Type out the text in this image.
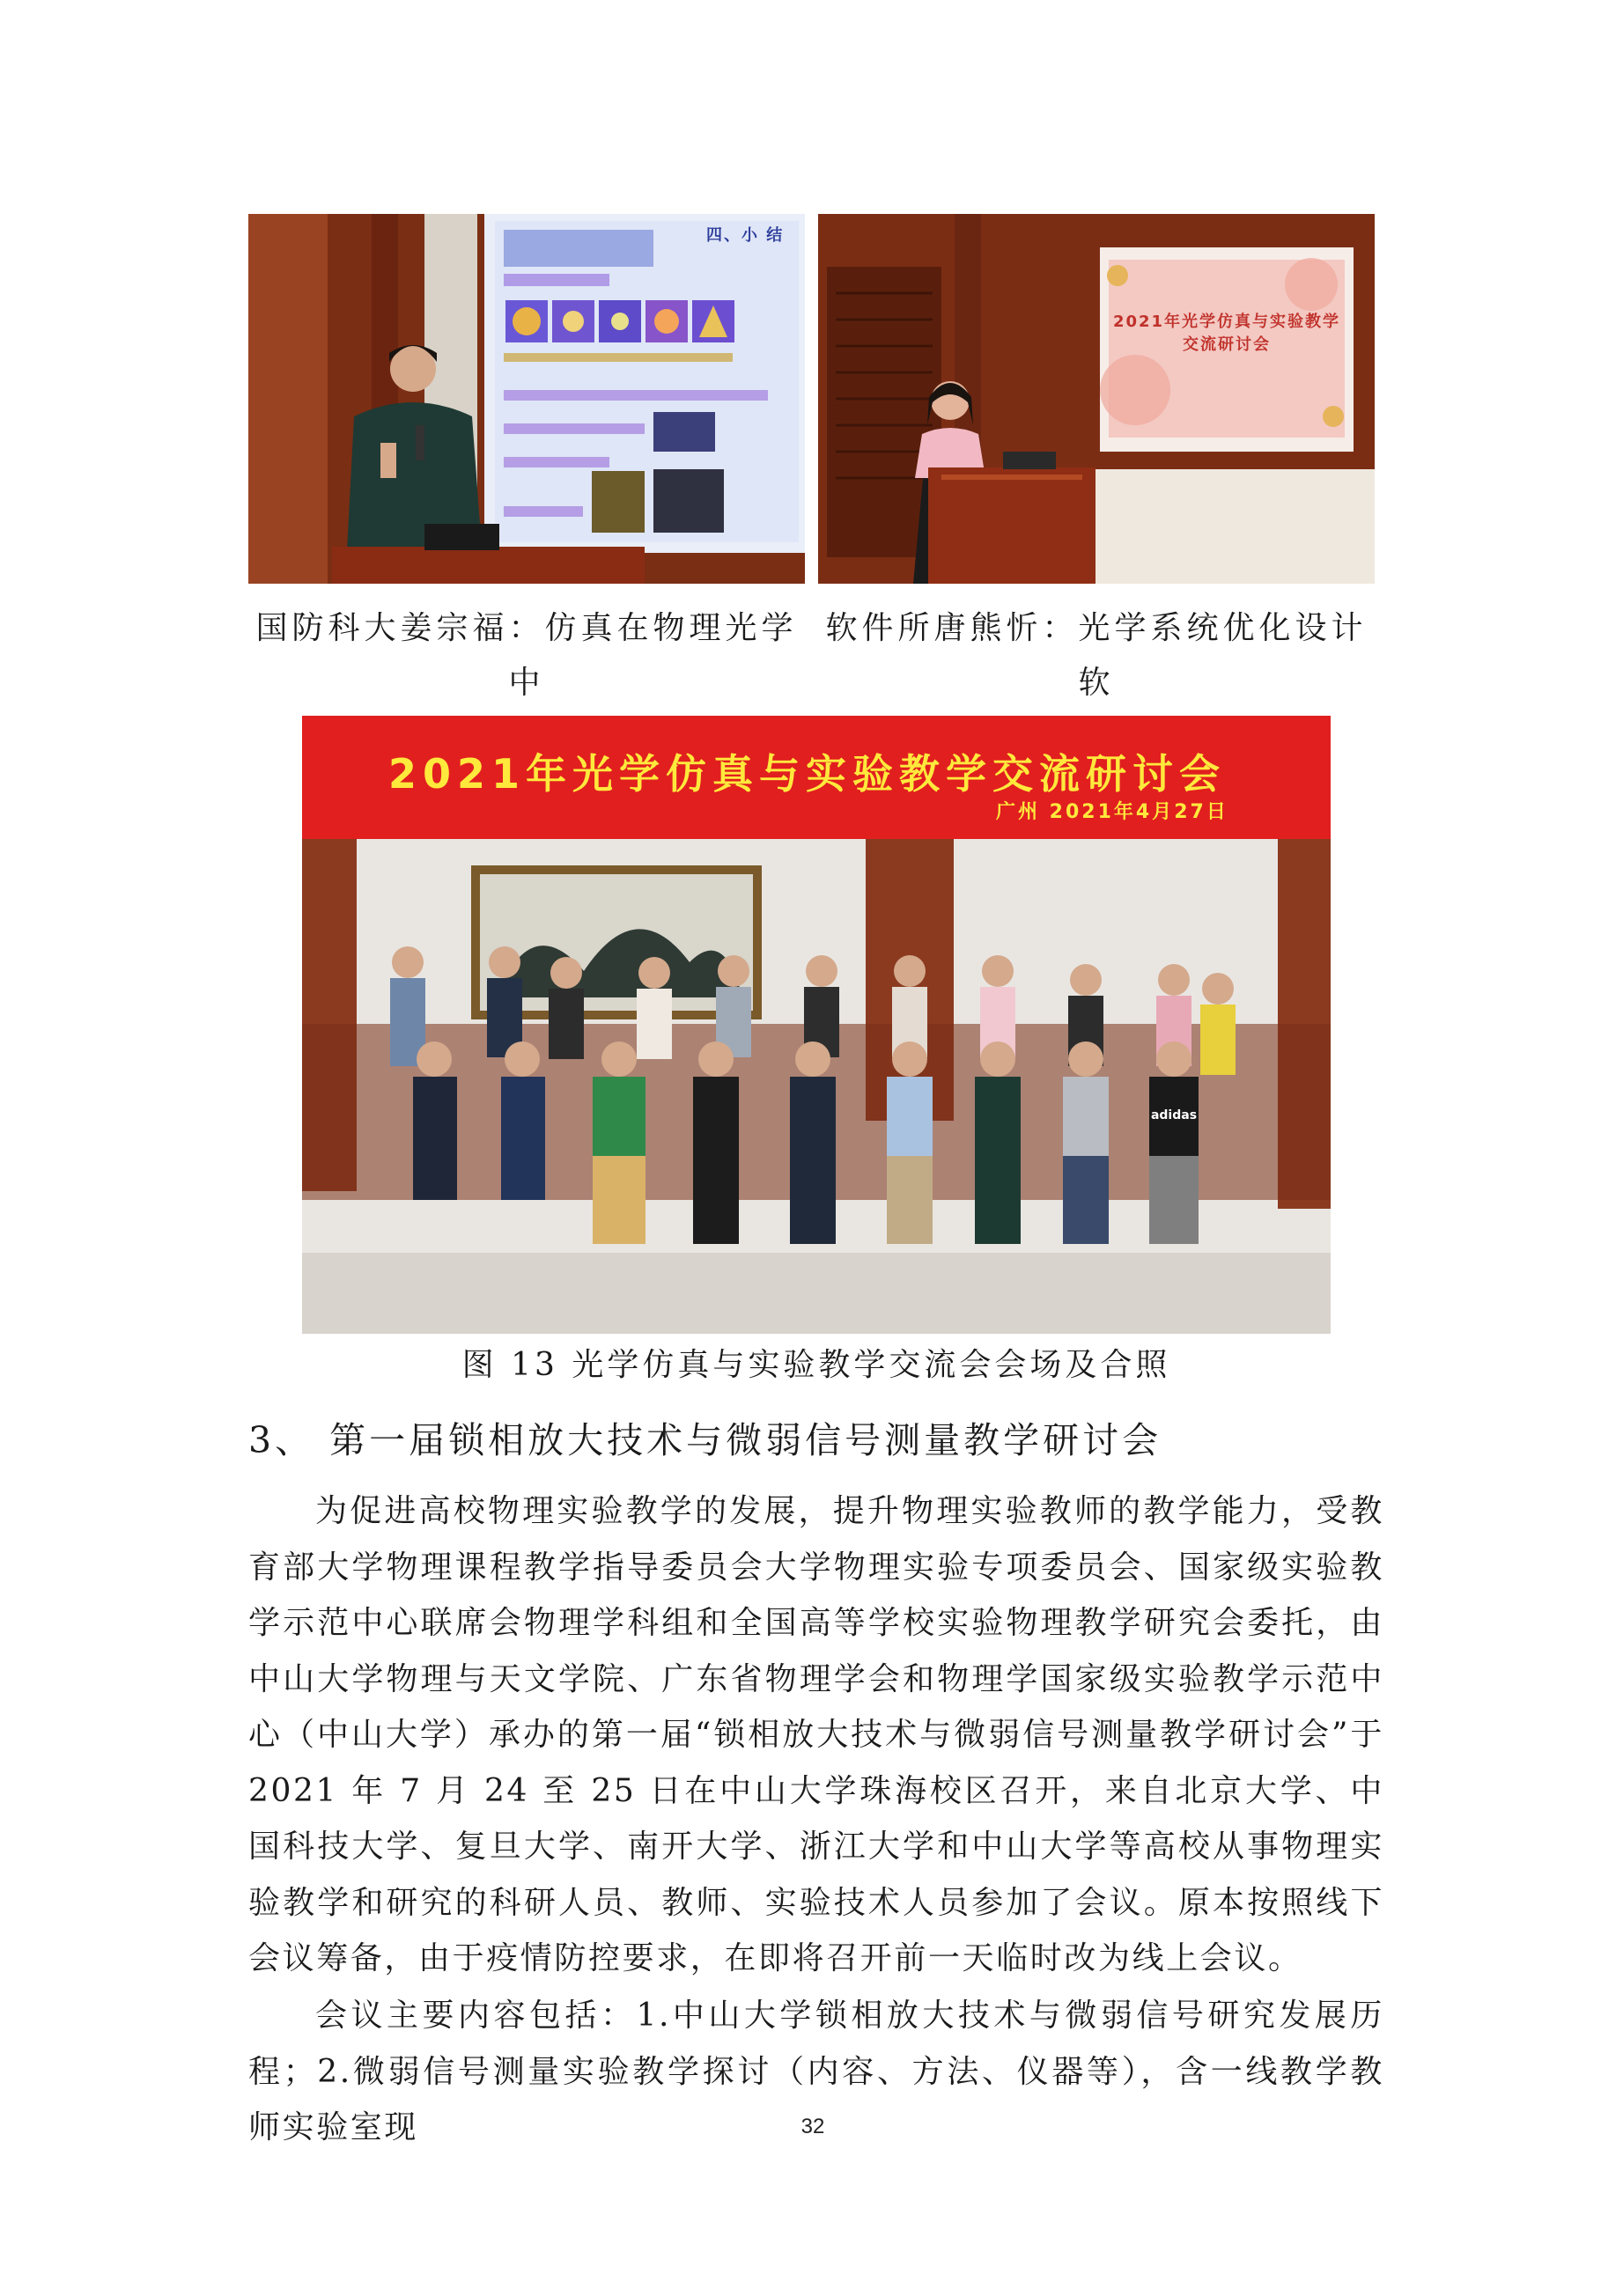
四、小 结
2021年光学仿真与实验教学
交流研讨会
国防科大姜宗福：仿真在物理光学中
软件所唐熊忻：光学系统优化设计软
2021年光学仿真与实验教学交流研讨会
广州 2021年4月27日
adidas
图 13 光学仿真与实验教学交流会会场及合照
3、 第一届锁相放大技术与微弱信号测量教学研讨会
为促进高校物理实验教学的发展，提升物理实验教师的教学能力，受教育部大学物理课程教学指导委员会大学物理实验专项委员会、国家级实验教学示范中心联席会物理学科组和全国高等学校实验物理教学研究会委托，由中山大学物理与天文学院、广东省物理学会和物理学国家级实验教学示范中心（中山大学）承办的第一届“锁相放大技术与微弱信号测量教学研讨会”于 2021 年 7 月 24 至 25 日在中山大学珠海校区召开，来自北京大学、中国科技大学、复旦大学、南开大学、浙江大学和中山大学等高校从事物理实验教学和研究的科研人员、教师、实验技术人员参加了会议。原本按照线下会议筹备，由于疫情防控要求，在即将召开前一天临时改为线上会议。
会议主要内容包括：1.中山大学锁相放大技术与微弱信号研究发展历程；2.微弱信号测量实验教学探讨（内容、方法、仪器等），含一线教学教师实验室现	32
